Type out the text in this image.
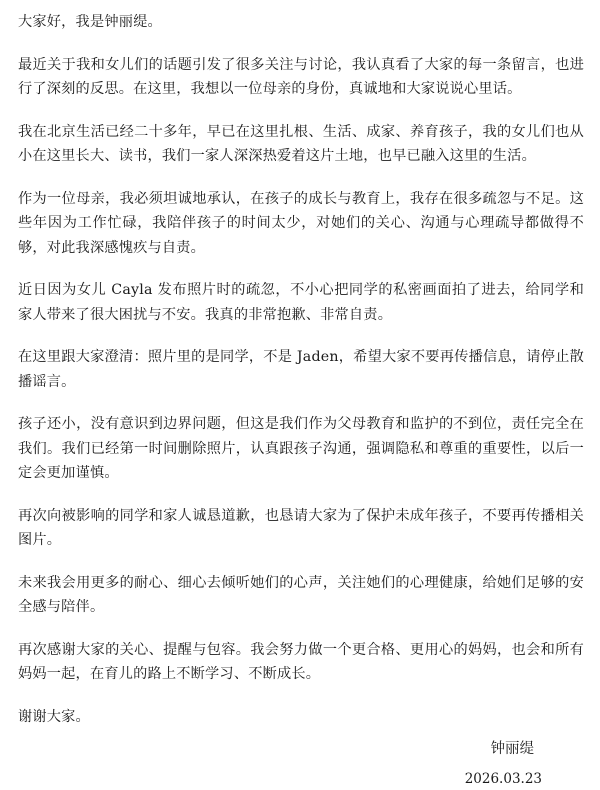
大家好，我是钟丽缇。

最近关于我和女儿们的话题引发了很多关注与讨论，我认真看了大家的每一条留言，也进行了深刻的反思。在这里，我想以一位母亲的身份，真诚地和大家说说心里话。

我在北京生活已经二十多年，早已在这里扎根、生活、成家、养育孩子，我的女儿们也从小在这里长大、读书，我们一家人深深热爱着这片土地，也早已融入这里的生活。

作为一位母亲，我必须坦诚地承认，在孩子的成长与教育上，我存在很多疏忽与不足。这些年因为工作忙碌，我陪伴孩子的时间太少，对她们的关心、沟通与心理疏导都做得不够，对此我深感愧疚与自责。

近日因为女儿 Cayla 发布照片时的疏忽，不小心把同学的私密画面拍了进去，给同学和家人带来了很大困扰与不安。我真的非常抱歉、非常自责。

在这里跟大家澄清：照片里的是同学，不是 Jaden，希望大家不要再传播信息，请停止散播谣言。

孩子还小，没有意识到边界问题，但这是我们作为父母教育和监护的不到位，责任完全在我们。我们已经第一时间删除照片，认真跟孩子沟通，强调隐私和尊重的重要性，以后一定会更加谨慎。

再次向被影响的同学和家人诚恳道歉，也恳请大家为了保护未成年孩子，不要再传播相关图片。

未来我会用更多的耐心、细心去倾听她们的心声，关注她们的心理健康，给她们足够的安全感与陪伴。

再次感谢大家的关心、提醒与包容。我会努力做一个更合格、更用心的妈妈，也会和所有妈妈一起，在育儿的路上不断学习、不断成长。

谢谢大家。

钟丽缇
2026.03.23
